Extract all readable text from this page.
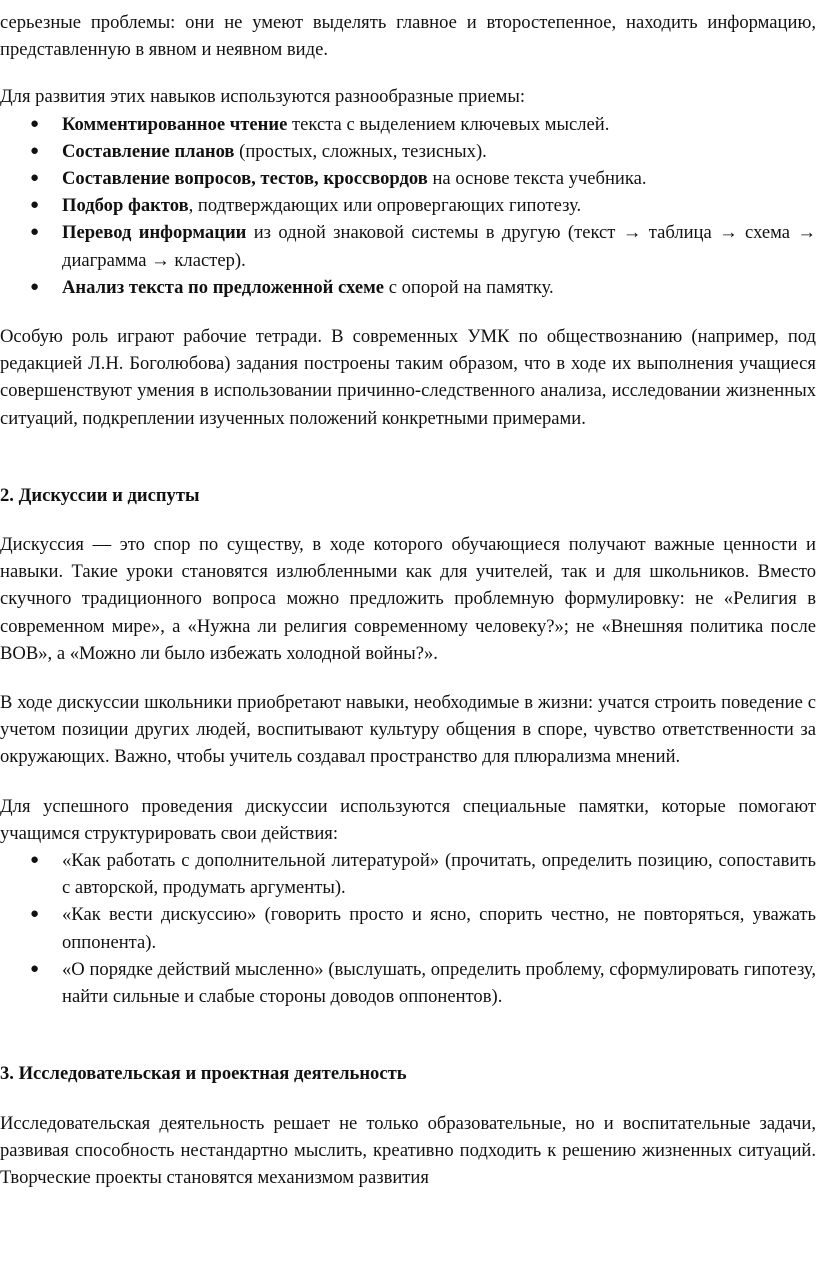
серьезные проблемы: они не умеют выделять главное и второстепенное, находить информацию, представленную в явном и неявном виде.

Для развития этих навыков используются разнообразные приемы:

● Комментированное чтение текста с выделением ключевых мыслей.
● Составление планов (простых, сложных, тезисных).
● Составление вопросов, тестов, кроссвордов на основе текста учебника.
● Подбор фактов, подтверждающих или опровергающих гипотезу.
● Перевод информации из одной знаковой системы в другую (текст → таблица → схема → диаграмма → кластер).
● Анализ текста по предложенной схеме с опорой на памятку.

Особую роль играют рабочие тетради. В современных УМК по обществознанию (например, под редакцией Л.Н. Боголюбова) задания построены таким образом, что в ходе их выполнения учащиеся совершенствуют умения в использовании причинно-следственного анализа, исследовании жизненных ситуаций, подкреплении изученных положений конкретными примерами.

2. Дискуссии и диспуты

Дискуссия — это спор по существу, в ходе которого обучающиеся получают важные ценности и навыки. Такие уроки становятся излюбленными как для учителей, так и для школьников. Вместо скучного традиционного вопроса можно предложить проблемную формулировку: не «Религия в современном мире», а «Нужна ли религия современному человеку?»; не «Внешняя политика после ВОВ», а «Можно ли было избежать холодной войны?».

В ходе дискуссии школьники приобретают навыки, необходимые в жизни: учатся строить поведение с учетом позиции других людей, воспитывают культуру общения в споре, чувство ответственности за окружающих. Важно, чтобы учитель создавал пространство для плюрализма мнений.

Для успешного проведения дискуссии используются специальные памятки, которые помогают учащимся структурировать свои действия:

● «Как работать с дополнительной литературой» (прочитать, определить позицию, сопоставить с авторской, продумать аргументы).
● «Как вести дискуссию» (говорить просто и ясно, спорить честно, не повторяться, уважать оппонента).
● «О порядке действий мысленно» (выслушать, определить проблему, сформулировать гипотезу, найти сильные и слабые стороны доводов оппонентов).
3. Исследовательская и проектная деятельность

Исследовательская деятельность решает не только образовательные, но и воспитательные задачи, развивая способность нестандартно мыслить, креативно подходить к решению жизненных ситуаций. Творческие проекты становятся механизмом развития
